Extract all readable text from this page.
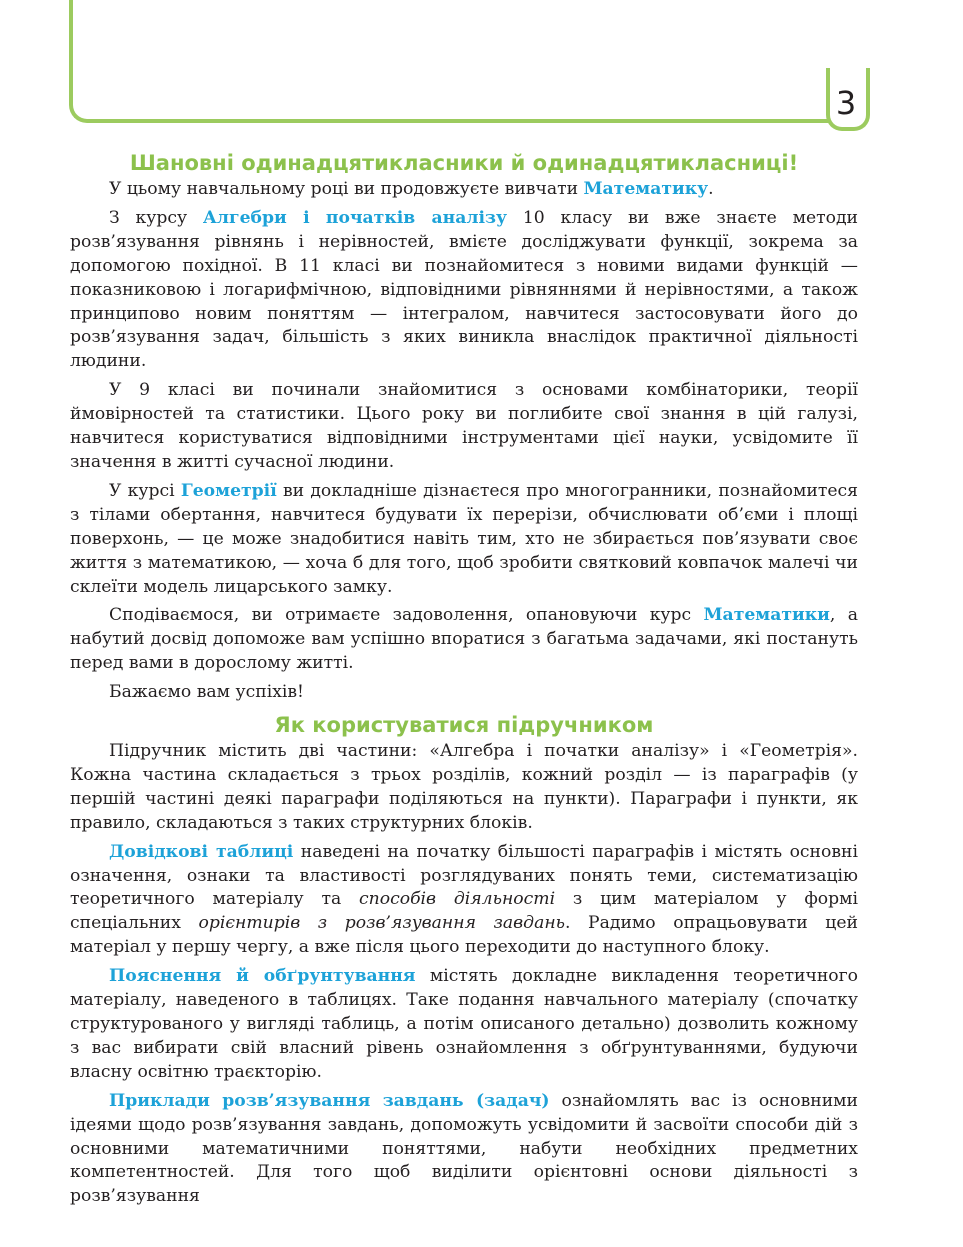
3
Шановні одинадцятикласники й одинадцятикласниці!

У цьому навчальному році ви продовжуєте вивчати Математику.

З курсу Алгебри і початків аналізу 10 класу ви вже знаєте методи розв’язування рівнянь і нерівностей, вмієте досліджувати функції, зокрема за допомогою похідної. В 11 класі ви познайомитеся з новими видами функцій — показниковою і логарифмічною, відповідними рівняннями й нерівностями, а також принципово новим поняттям — інтегралом, навчитеся застосовувати його до розв’язування задач, більшість з яких виникла внаслідок практичної діяльності людини.

У 9 класі ви починали знайомитися з основами комбінаторики, теорії ймовірностей та статистики. Цього року ви поглибите свої знання в цій галузі, навчитеся користуватися відповідними інструментами цієї науки, усвідомите її значення в житті сучасної людини.

У курсі Геометрії ви докладніше дізнаєтеся про многогранники, познайомитеся з тілами обертання, навчитеся будувати їх перерізи, обчислювати об’єми і площі поверхонь, — це може знадобитися навіть тим, хто не збирається пов’язувати своє життя з математикою, — хоча б для того, щоб зробити святковий ковпачок малечі чи склеїти модель лицарського замку.

Сподіваємося, ви отримаєте задоволення, опановуючи курс Математики, а набутий досвід допоможе вам успішно впоратися з багатьма задачами, які постануть перед вами в дорослому житті.

Бажаємо вам успіхів!

Як користуватися підручником

Підручник містить дві частини: «Алгебра і початки аналізу» і «Геометрія». Кожна частина складається з трьох розділів, кожний розділ — із параграфів (у першій частині деякі параграфи поділяються на пункти). Параграфи і пункти, як правило, складаються з таких структурних блоків.

Довідкові таблиці наведені на початку більшості параграфів і містять основні означення, ознаки та властивості розглядуваних понять теми, систематизацію теоретичного матеріалу та способів діяльності з цим матеріалом у формі спеціальних орієнтирів з розв’язування завдань. Радимо опрацьовувати цей матеріал у першу чергу, а вже після цього переходити до наступного блоку.

Пояснення й обґрунтування містять докладне викладення теоретичного матеріалу, наведеного в таблицях. Таке подання навчального матеріалу (спочатку структурованого у вигляді таблиць, а потім описаного детально) дозволить кожному з вас вибирати свій власний рівень ознайомлення з обґрунтуваннями, будуючи власну освітню траєкторію.

Приклади розв’язування завдань (задач) ознайомлять вас із основними ідеями щодо розв’язування завдань, допоможуть усвідомити й засвоїти способи дій з основними математичними поняттями, набути необхідних предметних компетентностей. Для того щоб виділити орієнтовні основи діяльності з розв’язування
